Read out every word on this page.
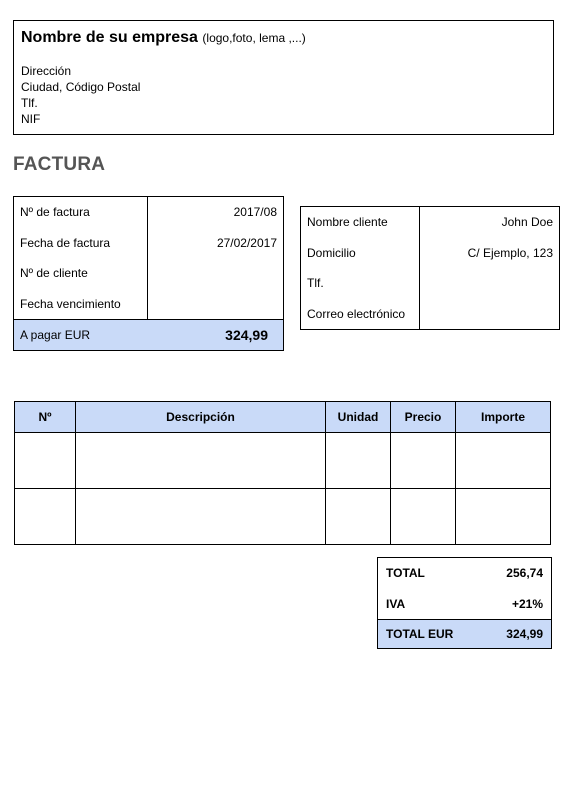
Nombre de su empresa (logo,foto, lema ,...)
Dirección
Ciudad, Código Postal
Tlf.
NIF
FACTURA
Nº de factura	2017/08
Fecha de factura	27/02/2017
Nº de cliente	
Fecha vencimiento	
A pagar EUR	324,99
Nombre cliente	John Doe
Domicilio	C/ Ejemplo, 123
Tlf.	
Correo electrónico	
Nº	Descripción	Unidad	Precio	Importe

TOTAL	256,74
IVA	+21%
TOTAL EUR	324,99
